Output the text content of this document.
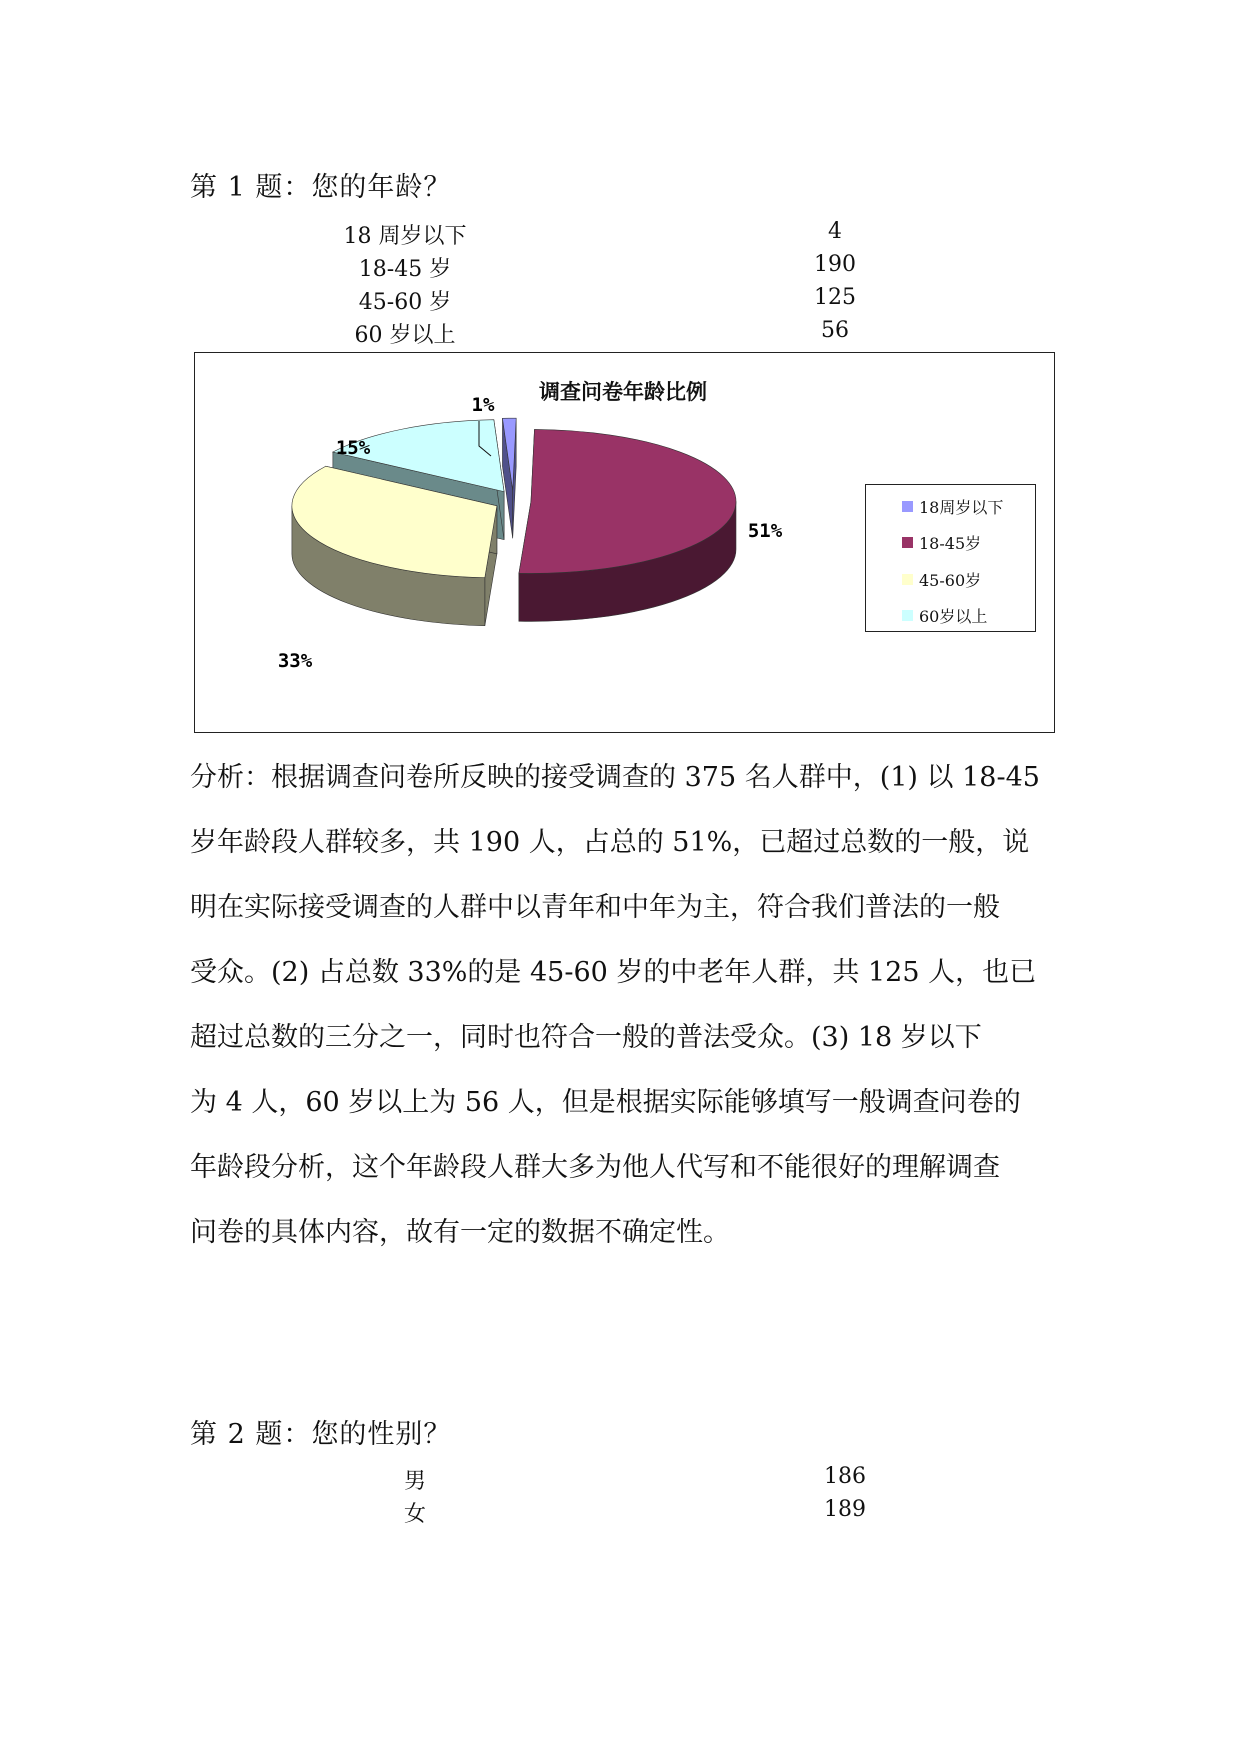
第 1 题：您的年龄？
18 周岁以下	4
18-45 岁	190
45-60 岁	125
60 岁以上	56
调查问卷年龄比例
1%
51%
33%
15%
18周岁以下
18-45岁
45-60岁
60岁以上

分析：根据调查问卷所反映的接受调查的 375 名人群中，(1) 以 18-45

岁年龄段人群较多，共 190 人，占总的 51%，已超过总数的一般，说

明在实际接受调查的人群中以青年和中年为主，符合我们普法的一般

受众。(2) 占总数 33%的是 45-60 岁的中老年人群，共 125 人，也已

超过总数的三分之一，同时也符合一般的普法受众。(3) 18 岁以下

为 4 人，60 岁以上为 56 人，但是根据实际能够填写一般调查问卷的

年龄段分析，这个年龄段人群大多为他人代写和不能很好的理解调查

问卷的具体内容，故有一定的数据不确定性。

第 2 题：您的性别？
男	186
女	189
